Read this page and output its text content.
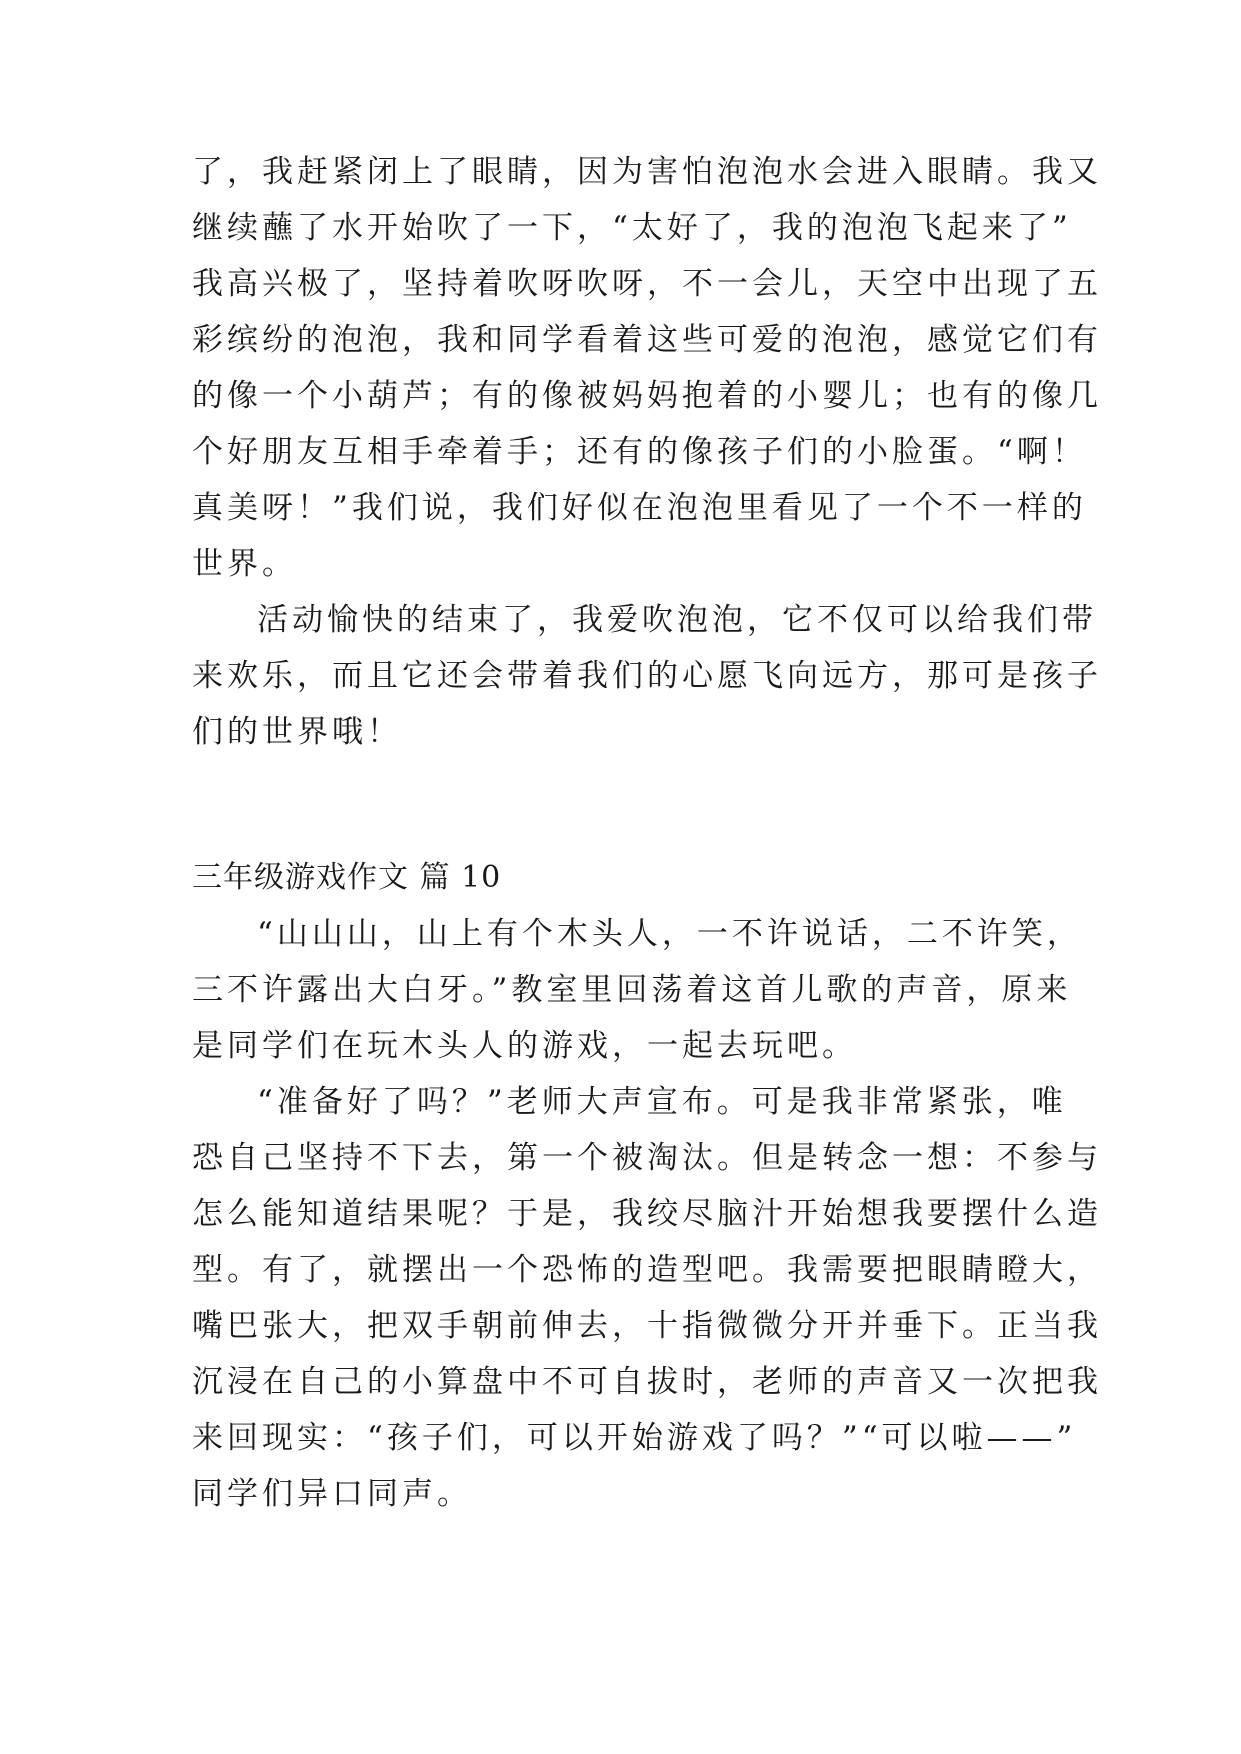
了，我赶紧闭上了眼睛，因为害怕泡泡水会进入眼睛。我又
继续蘸了水开始吹了一下，“太好了，我的泡泡飞起来了”
我高兴极了，坚持着吹呀吹呀，不一会儿，天空中出现了五
彩缤纷的泡泡，我和同学看着这些可爱的泡泡，感觉它们有
的像一个小葫芦；有的像被妈妈抱着的小婴儿；也有的像几
个好朋友互相手牵着手；还有的像孩子们的小脸蛋。“啊！
真美呀！”我们说，我们好似在泡泡里看见了一个不一样的
世界。
活动愉快的结束了，我爱吹泡泡，它不仅可以给我们带
来欢乐，而且它还会带着我们的心愿飞向远方，那可是孩子
们的世界哦！
三年级游戏作文 篇 10
“山山山，山上有个木头人，一不许说话，二不许笑，
三不许露出大白牙。”教室里回荡着这首儿歌的声音，原来
是同学们在玩木头人的游戏，一起去玩吧。
“准备好了吗？”老师大声宣布。可是我非常紧张，唯
恐自己坚持不下去，第一个被淘汰。但是转念一想：不参与
怎么能知道结果呢？于是，我绞尽脑汁开始想我要摆什么造
型。有了，就摆出一个恐怖的造型吧。我需要把眼睛瞪大，
嘴巴张大，把双手朝前伸去，十指微微分开并垂下。正当我
沉浸在自己的小算盘中不可自拔时，老师的声音又一次把我
来回现实：“孩子们，可以开始游戏了吗？”“可以啦——”
同学们异口同声。
